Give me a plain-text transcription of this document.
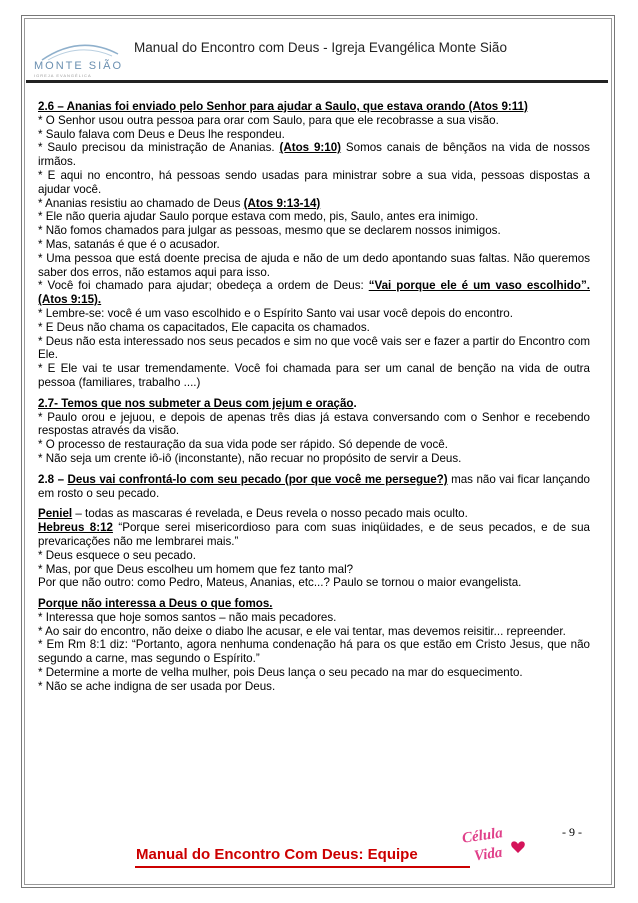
MONTE SIÃO
IGREJA EVANGÉLICA
Manual do Encontro com Deus - Igreja Evangélica Monte Sião

2.6 – Ananias foi enviado pelo Senhor para ajudar a Saulo, que estava orando (Atos 9:11)

* O Senhor usou outra pessoa para orar com Saulo, para que ele recobrasse a sua visão.

* Saulo falava com Deus e Deus lhe respondeu.

* Saulo precisou da ministração de Ananias. (Atos 9:10) Somos canais de bênçãos na vida de nossos irmãos.

* E aqui no encontro, há pessoas sendo usadas para ministrar sobre a sua vida, pessoas dispostas a ajudar você.

* Ananias resistiu ao chamado de Deus (Atos 9:13-14)

* Ele não queria ajudar Saulo porque estava com medo, pis, Saulo, antes era inimigo.

* Não fomos chamados para julgar as pessoas, mesmo que se declarem nossos inimigos.

* Mas, satanás é que é o acusador.

* Uma pessoa que está doente precisa de ajuda e não de um dedo apontando suas faltas. Não queremos saber dos erros, não estamos aqui para isso.

* Você foi chamado para ajudar; obedeça a ordem de Deus: “Vai porque ele é um vaso escolhido”. (Atos 9:15).

* Lembre-se: você é um vaso escolhido e o Espírito Santo vai usar você depois do encontro.

* E Deus não chama os capacitados, Ele capacita os chamados.

* Deus não esta interessado nos seus pecados e sim no que você vais ser e fazer a partir do Encontro com Ele.

* E Ele vai te usar tremendamente. Você foi chamada para ser um canal de benção na vida de outra pessoa (familiares, trabalho ....)

2.7- Temos que nos submeter a Deus com jejum e oração.

* Paulo orou e jejuou, e depois de apenas três dias já estava conversando com o Senhor e recebendo respostas através da visão.

* O processo de restauração da sua vida pode ser rápido. Só depende de você.

* Não seja um crente iô-iô (inconstante), não recuar no propósito de servir a Deus.

2.8 – Deus vai confrontá-lo com seu pecado (por que você me persegue?) mas não vai ficar lançando em rosto o seu pecado.

Peniel – todas as mascaras é revelada, e Deus revela o nosso pecado mais oculto.

Hebreus 8:12 “Porque serei misericordioso para com suas iniqüidades, e de seus pecados, e de sua prevaricações não me lembrarei mais.”

* Deus esquece o seu pecado.

* Mas, por que Deus escolheu um homem que fez tanto mal?

Por que não outro: como Pedro, Mateus, Ananias, etc...? Paulo se tornou o maior evangelista.

Porque não interessa a Deus o que fomos.

* Interessa que hoje somos santos – não mais pecadores.

* Ao sair do encontro, não deixe o diabo lhe acusar, e ele vai tentar, mas devemos reisitir... repreender.

* Em Rm 8:1 diz: “Portanto, agora nenhuma condenação há para os que estão em Cristo Jesus, que não segundo a carne, mas segundo o Espírito.”

* Determine a morte de velha mulher, pois Deus lança o seu pecado na mar do esquecimento.

* Não se ache indigna de ser usada por Deus.

- 9 -
Manual do Encontro Com Deus: Equipe
Célula
Vida
